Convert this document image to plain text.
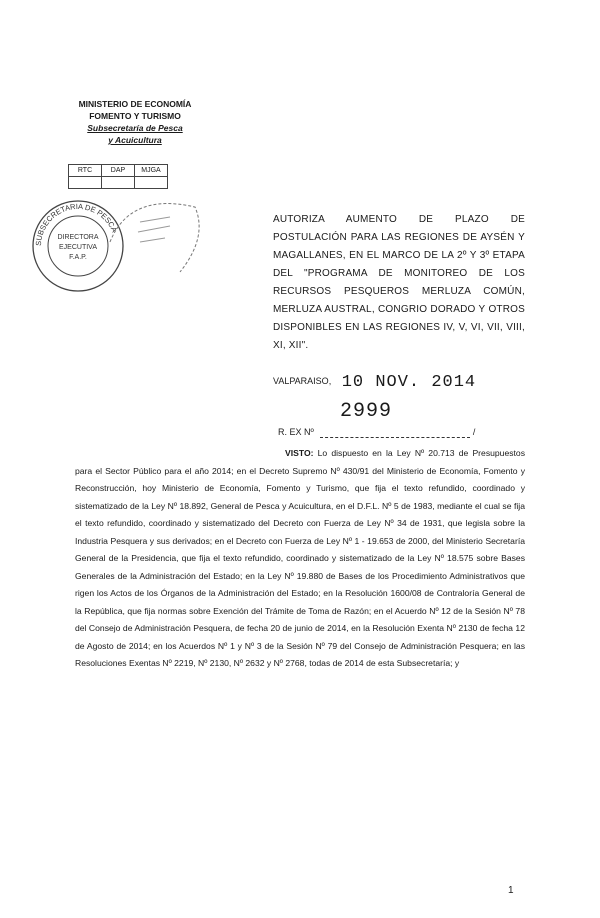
MINISTERIO DE ECONOMÍA
FOMENTO Y TURISMO
Subsecretaría de Pesca
y Acuicultura
RTC	DAP	MJGA

SUBSECRETARIA DE PESCA
DIRECTORA
EJECUTIVA
F.A.P.
AUTORIZA AUMENTO DE PLAZO DE POSTULACIÓN PARA LAS REGIONES DE AYSÉN Y MAGALLANES, EN EL MARCO DE LA 2º Y 3º ETAPA DEL "PROGRAMA DE MONITOREO DE LOS RECURSOS PESQUEROS MERLUZA COMÚN, MERLUZA AUSTRAL, CONGRIO DORADO Y OTROS DISPONIBLES EN LAS REGIONES IV, V, VI, VII, VIII, XI, XII".
VALPARAISO, 10 NOV. 2014
2999
R. EX Nº	/
VISTO: Lo dispuesto en la Ley Nº 20.713 de Presupuestos para el Sector Público para el año 2014; en el Decreto Supremo Nº 430/91 del Ministerio de Economía, Fomento y Reconstrucción, hoy Ministerio de Economía, Fomento y Turismo, que fija el texto refundido, coordinado y sistematizado de la Ley Nº 18.892, General de Pesca y Acuicultura, en el D.F.L. Nº 5 de 1983, mediante el cual se fija el texto refundido, coordinado y sistematizado del Decreto con Fuerza de Ley Nº 34 de 1931, que legisla sobre la Industria Pesquera y sus derivados; en el Decreto con Fuerza de Ley Nº 1 - 19.653 de 2000, del Ministerio Secretaría General de la Presidencia, que fija el texto refundido, coordinado y sistematizado de la Ley Nº 18.575 sobre Bases Generales de la Administración del Estado; en la Ley Nº 19.880 de Bases de los Procedimiento Administrativos que rigen los Actos de los Órganos de la Administración del Estado; en la Resolución 1600/08 de Contraloría General de la República, que fija normas sobre Exención del Trámite de Toma de Razón; en el Acuerdo Nº 12 de la Sesión Nº 78 del Consejo de Administración Pesquera, de fecha 20 de junio de 2014, en la Resolución Exenta Nº 2130 de fecha 12 de Agosto de 2014; en los Acuerdos Nº 1 y Nº 3 de la Sesión Nº 79 del Consejo de Administración Pesquera; en las Resoluciones Exentas Nº 2219, Nº 2130, Nº 2632 y Nº 2768, todas de 2014 de esta Subsecretaría; y
1
